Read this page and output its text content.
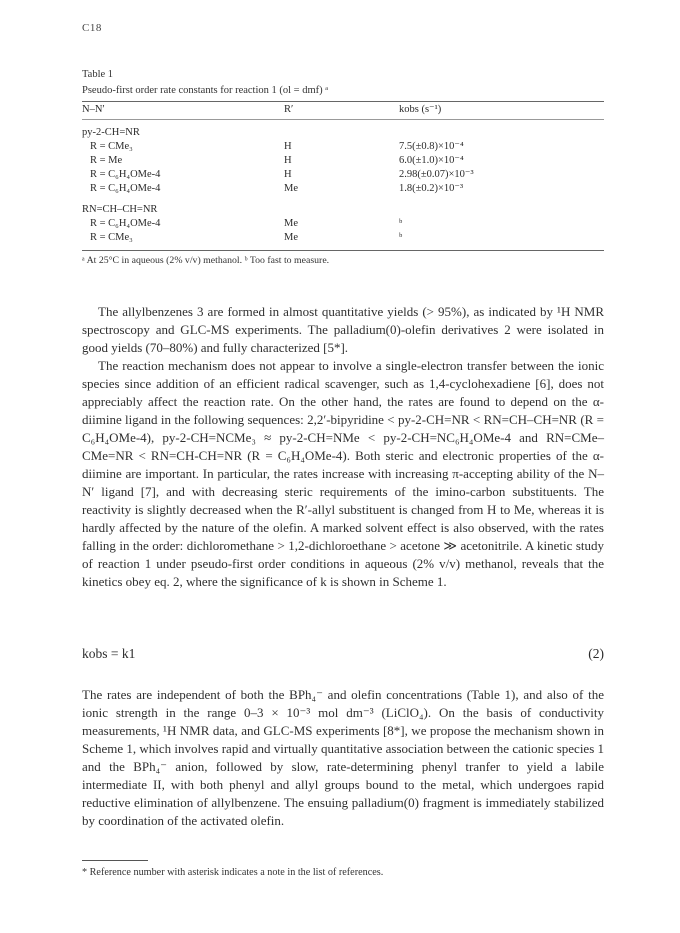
C18
Table 1
Pseudo-first order rate constants for reaction 1 (ol = dmf) ᵃ
N–N′	R′	kobs (s⁻¹)
py-2-CH=NR
R = CMe₃	H	7.5(±0.8)×10⁻⁴
R = Me	H	6.0(±1.0)×10⁻⁴
R = C₆H₄OMe-4	H	2.98(±0.07)×10⁻³
R = C₆H₄OMe-4	Me	1.8(±0.2)×10⁻³
RN=CH–CH=NR
R = C₆H₄OMe-4	Me	ᵇ
R = CMe₃	Me	ᵇ
ᵃ At 25°C in aqueous (2% v/v) methanol. ᵇ Too fast to measure.
The allylbenzenes 3 are formed in almost quantitative yields (> 95%), as indicated by ¹H NMR spectroscopy and GLC-MS experiments. The palladium(0)-olefin derivatives 2 were isolated in good yields (70–80%) and fully characterized [5*].
The reaction mechanism does not appear to involve a single-electron transfer between the ionic species since addition of an efficient radical scavenger, such as 1,4-cyclohexadiene [6], does not appreciably affect the reaction rate. On the other hand, the rates are found to depend on the α-diimine ligand in the following sequences: 2,2′-bipyridine < py-2-CH=NR < RN=CH–CH=NR (R = C₆H₄OMe-4), py-2-CH=NCMe₃ ≈ py-2-CH=NMe < py-2-CH=NC₆H₄OMe-4 and RN=CMe–CMe=NR < RN=CH-CH=NR (R = C₆H₄OMe-4). Both steric and electronic properties of the α-diimine are important. In particular, the rates increase with increasing π-accepting ability of the N–N′ ligand [7], and with decreasing steric requirements of the imino-carbon substituents. The reactivity is slightly decreased when the R′-allyl substituent is changed from H to Me, whereas it is hardly affected by the nature of the olefin. A marked solvent effect is also observed, with the rates falling in the order: dichloromethane > 1,2-dichloroethane > acetone ≫ acetonitrile. A kinetic study of reaction 1 under pseudo-first order conditions in aqueous (2% v/v) methanol, reveals that the kinetics obey eq. 2, where the significance of k is shown in Scheme 1.
kobs = k1	(2)
The rates are independent of both the BPh₄⁻ and olefin concentrations (Table 1), and also of the ionic strength in the range 0–3 × 10⁻³ mol dm⁻³ (LiClO₄). On the basis of conductivity measurements, ¹H NMR data, and GLC-MS experiments [8*], we propose the mechanism shown in Scheme 1, which involves rapid and virtually quantitative association between the cationic species 1 and the BPh₄⁻ anion, followed by slow, rate-determining phenyl tranfer to yield a labile intermediate II, with both phenyl and allyl groups bound to the metal, which undergoes rapid reductive elimination of allylbenzene. The ensuing palladium(0) fragment is immediately stabilized by coordination of the activated olefin.
* Reference number with asterisk indicates a note in the list of references.
